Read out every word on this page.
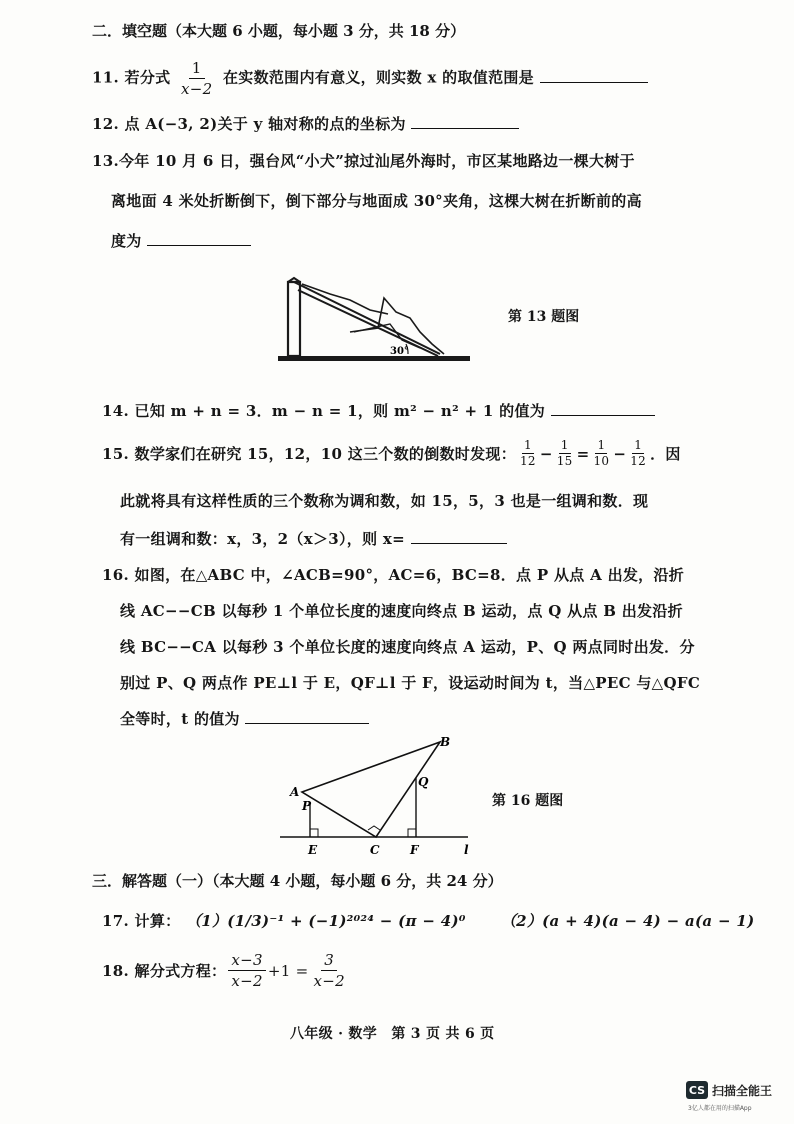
二．填空题（本大题 6 小题，每小题 3 分，共 18 分）
11. 若分式 $\frac{1}{x-2}$ 在实数范围内有意义，则实数 x 的取值范围是
12. 点 A(−3, 2)关于 y 轴对称的点的坐标为
13.今年 10 月 6 日，强台风“小犬”掠过汕尾外海时，市区某地路边一棵大树于
离地面 4 米处折断倒下，倒下部分与地面成 30°夹角，这棵大树在折断前的高
度为
30°
第 13 题图
14. 已知 m + n = 3．m − n = 1，则 m² − n² + 1 的值为
15.
数学家们在研究 15，12，10 这三个数的倒数时发现： $\frac{1}{12} - \frac{1}{15} = \frac{1}{10} - \frac{1}{12}$ ．因
此就将具有这样性质的三个数称为调和数，如 15，5，3 也是一组调和数．现
有一组调和数：x，3，2（x＞3），则 x=
16. 如图，在△ABC 中，∠ACB=90°，AC=6，BC=8．点 P 从点 A 出发，沿折
线 AC−−CB 以每秒 1 个单位长度的速度向终点 B 运动，点 Q 从点 B 出发沿折
线 BC−−CA 以每秒 3 个单位长度的速度向终点 A 运动，P、Q 两点同时出发．分
别过 P、Q 两点作 PE⊥l 于 E，QF⊥l 于 F，设运动时间为 t，当△PEC 与△QFC
全等时，t 的值为
A
B
C
P
Q
E	F	l
第 16 题图
三．解答题（一）（本大题 4 小题，每小题 6 分，共 24 分）
17. 计算： （1）(1/3)⁻¹ + (−1)²⁰²⁴ − (π − 4)⁰ （2）(a + 4)(a − 4) − a(a − 1)
18.
解分式方程： $\frac{x-3}{x-2} +1 = \frac{3}{x-2}$
八年级 · 数学　第 3 页 共 6 页
CS 扫描全能王
3亿人都在用的扫描App
